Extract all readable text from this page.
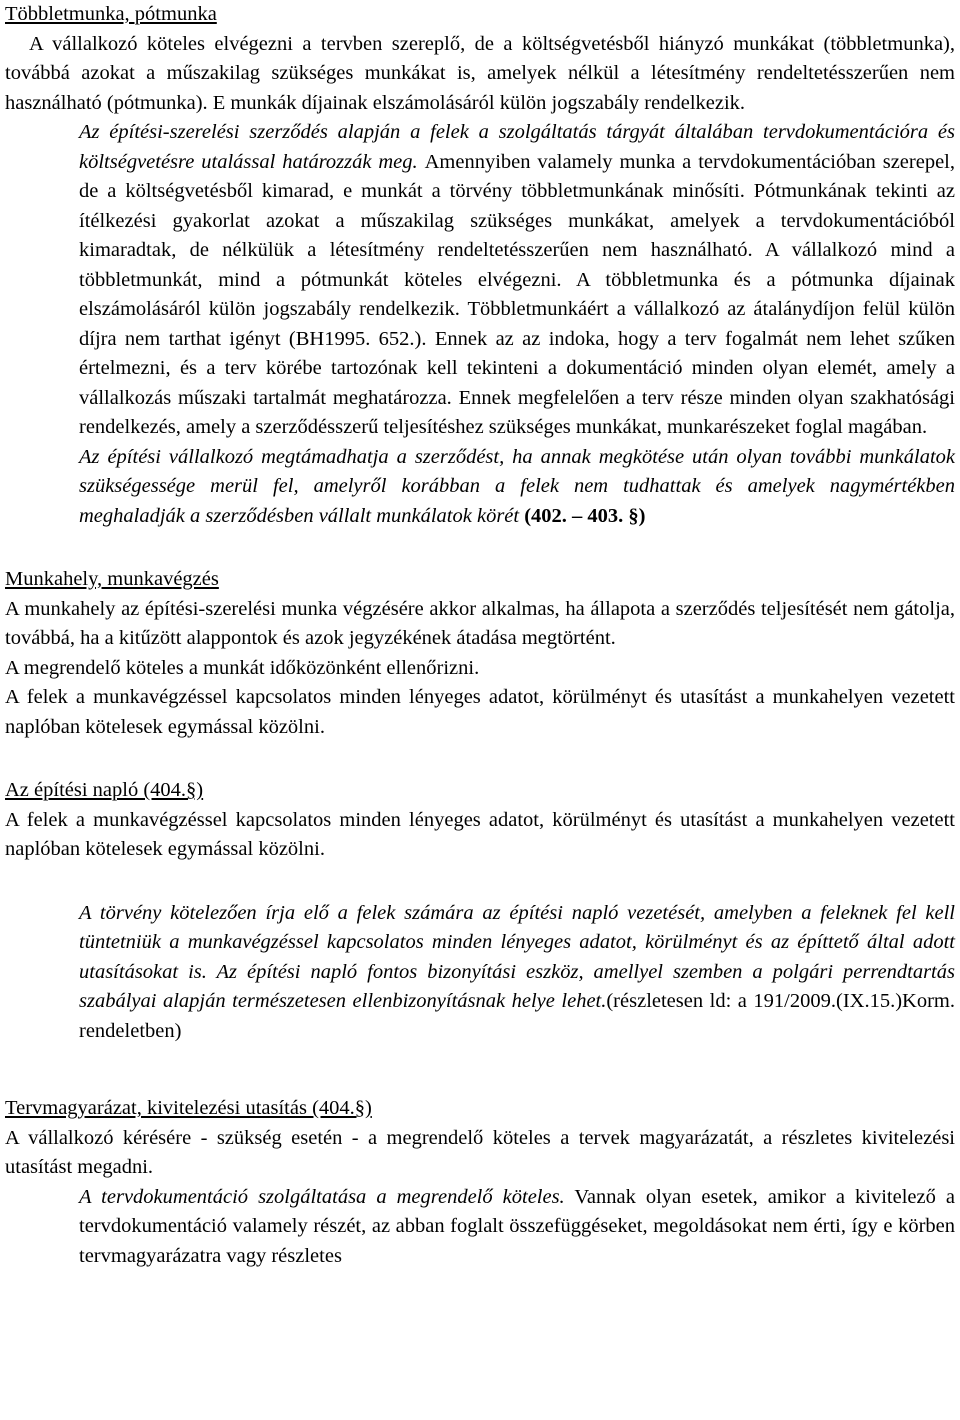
Többletmunka, pótmunka

A vállalkozó köteles elvégezni a tervben szereplő, de a költségvetésből hiányzó munkákat (többletmunka), továbbá azokat a műszakilag szükséges munkákat is, amelyek nélkül a létesítmény rendeltetésszerűen nem használható (pótmunka). E munkák díjainak elszámolásáról külön jogszabály rendelkezik.

Az építési-szerelési szerződés alapján a felek a szolgáltatás tárgyát általában tervdokumentációra és költségvetésre utalással határozzák meg. Amennyiben valamely munka a tervdokumentációban szerepel, de a költségvetésből kimarad, e munkát a törvény többletmunkának minősíti. Pótmunkának tekinti az ítélkezési gyakorlat azokat a műszakilag szükséges munkákat, amelyek a tervdokumentációból kimaradtak, de nélkülük a létesítmény rendeltetésszerűen nem használható. A vállalkozó mind a többletmunkát, mind a pótmunkát köteles elvégezni. A többletmunka és a pótmunka díjainak elszámolásáról külön jogszabály rendelkezik. Többletmunkáért a vállalkozó az átalánydíjon felül külön díjra nem tarthat igényt (BH1995. 652.). Ennek az az indoka, hogy a terv fogalmát nem lehet szűken értelmezni, és a terv körébe tartozónak kell tekinteni a dokumentáció minden olyan elemét, amely a vállalkozás műszaki tartalmát meghatározza. Ennek megfelelően a terv része minden olyan szakhatósági rendelkezés, amely a szerződésszerű teljesítéshez szükséges munkákat, munkarészeket foglal magában.

Az építési vállalkozó megtámadhatja a szerződést, ha annak megkötése után olyan további munkálatok szükségessége merül fel, amelyről korábban a felek nem tudhattak és amelyek nagymértékben meghaladják a szerződésben vállalt munkálatok körét (402. – 403. §)

Munkahely, munkavégzés

A munkahely az építési-szerelési munka végzésére akkor alkalmas, ha állapota a szerződés teljesítését nem gátolja, továbbá, ha a kitűzött alappontok és azok jegyzékének átadása megtörtént.

A megrendelő köteles a munkát időközönként ellenőrizni.

A felek a munkavégzéssel kapcsolatos minden lényeges adatot, körülményt és utasítást a munkahelyen vezetett naplóban kötelesek egymással közölni.

Az építési napló (404.§)

A felek a munkavégzéssel kapcsolatos minden lényeges adatot, körülményt és utasítást a munkahelyen vezetett naplóban kötelesek egymással közölni.

A törvény kötelezően írja elő a felek számára az építési napló vezetését, amelyben a feleknek fel kell tüntetniük a munkavégzéssel kapcsolatos minden lényeges adatot, körülményt és az építtető által adott utasításokat is. Az építési napló fontos bizonyítási eszköz, amellyel szemben a polgári perrendtartás szabályai alapján természetesen ellenbizonyításnak helye lehet.(részletesen ld: a 191/2009.(IX.15.)Korm. rendeletben)

Tervmagyarázat, kivitelezési utasítás (404.§)

A vállalkozó kérésére - szükség esetén - a megrendelő köteles a tervek magyarázatát, a részletes kivitelezési utasítást megadni.

A tervdokumentáció szolgáltatása a megrendelő köteles. Vannak olyan esetek, amikor a kivitelező a tervdokumentáció valamely részét, az abban foglalt összefüggéseket, megoldásokat nem érti, így e körben tervmagyarázatra vagy részletes
